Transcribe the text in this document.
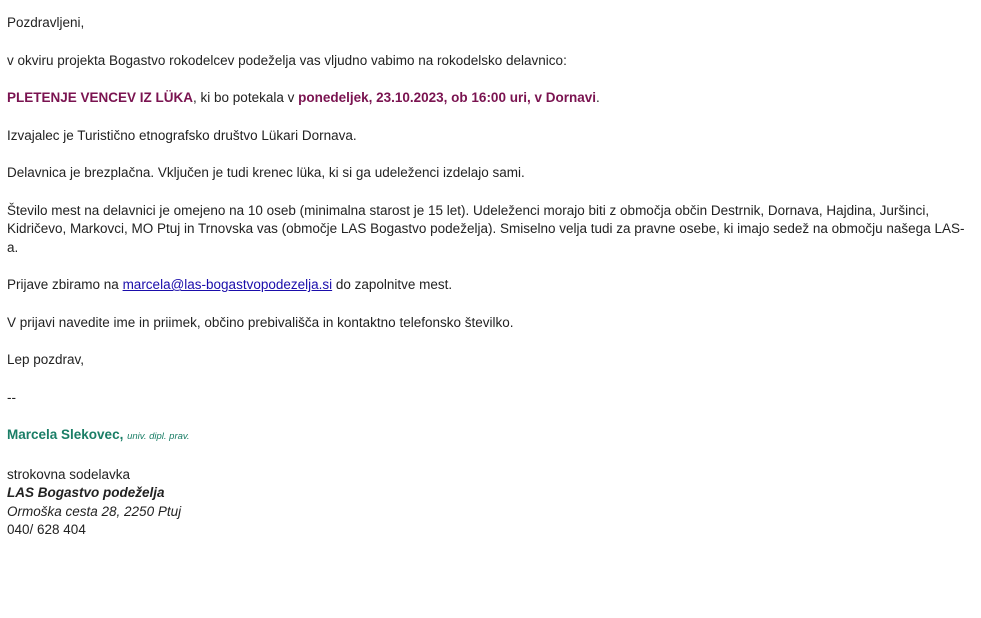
Pozdravljeni,

v okviru projekta Bogastvo rokodelcev podeželja vas vljudno vabimo na rokodelsko delavnico:

PLETENJE VENCEV IZ LÜKA, ki bo potekala v ponedeljek, 23.10.2023, ob 16:00 uri, v Dornavi.

Izvajalec je Turistično etnografsko društvo Lükari Dornava.

Delavnica je brezplačna. Vključen je tudi krenec lüka, ki si ga udeleženci izdelajo sami.

Število mest na delavnici je omejeno na 10 oseb (minimalna starost je 15 let). Udeleženci morajo biti z območja občin Destrnik, Dornava, Hajdina, Juršinci, Kidričevo, Markovci, MO Ptuj in Trnovska vas (območje LAS Bogastvo podeželja). Smiselno velja tudi za pravne osebe, ki imajo sedež na območju našega LAS-a.

Prijave zbiramo na marcela@las-bogastvopodezelja.si do zapolnitve mest.

V prijavi navedite ime in priimek, občino prebivališča in kontaktno telefonsko številko.

Lep pozdrav,

--

Marcela Slekovec, univ. dipl. prav.

strokovna sodelavka
LAS Bogastvo podeželja
Ormoška cesta 28, 2250 Ptuj
040/ 628 404
